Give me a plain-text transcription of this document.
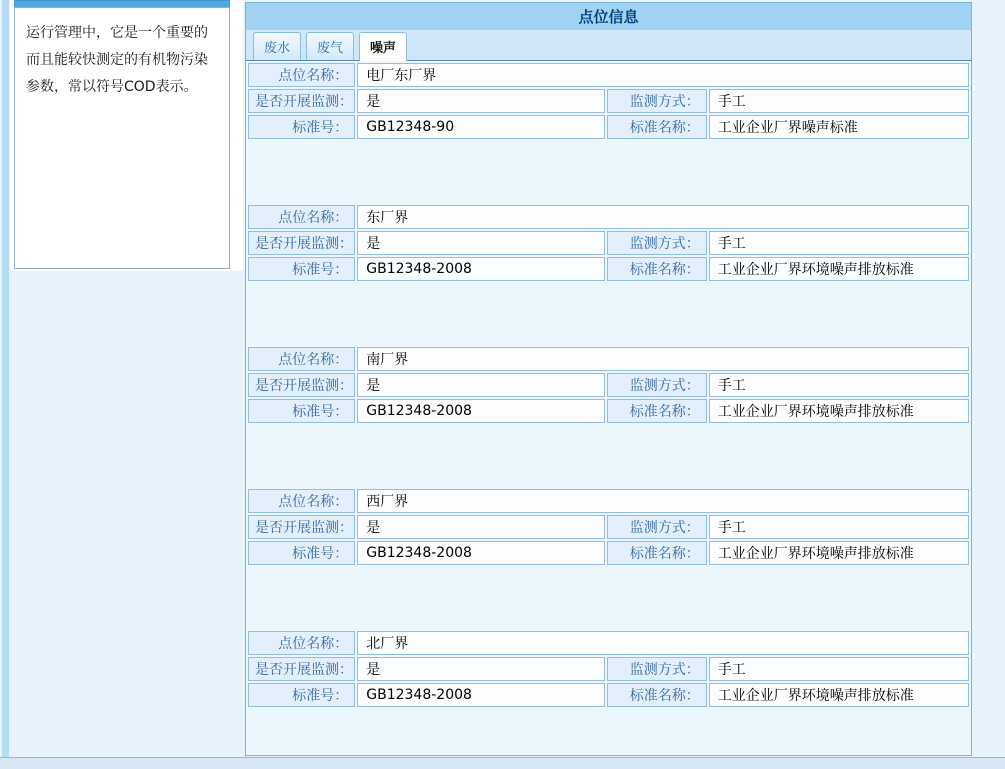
运行管理中，它是一个重要的而且能较快测定的有机物污染参数，常以符号COD表示。

点位信息
废水	废气	噪声
点位名称：	电厂东厂界		
是否开展监测：	是	监测方式：	手工
标准号：	GB12348-90	标准名称：	工业企业厂界噪声标准
点位名称：	东厂界		
是否开展监测：	是	监测方式：	手工
标准号：	GB12348-2008	标准名称：	工业企业厂界环境噪声排放标准
点位名称：	南厂界		
是否开展监测：	是	监测方式：	手工
标准号：	GB12348-2008	标准名称：	工业企业厂界环境噪声排放标准
点位名称：	西厂界		
是否开展监测：	是	监测方式：	手工
标准号：	GB12348-2008	标准名称：	工业企业厂界环境噪声排放标准
点位名称：	北厂界		
是否开展监测：	是	监测方式：	手工
标准号：	GB12348-2008	标准名称：	工业企业厂界环境噪声排放标准
